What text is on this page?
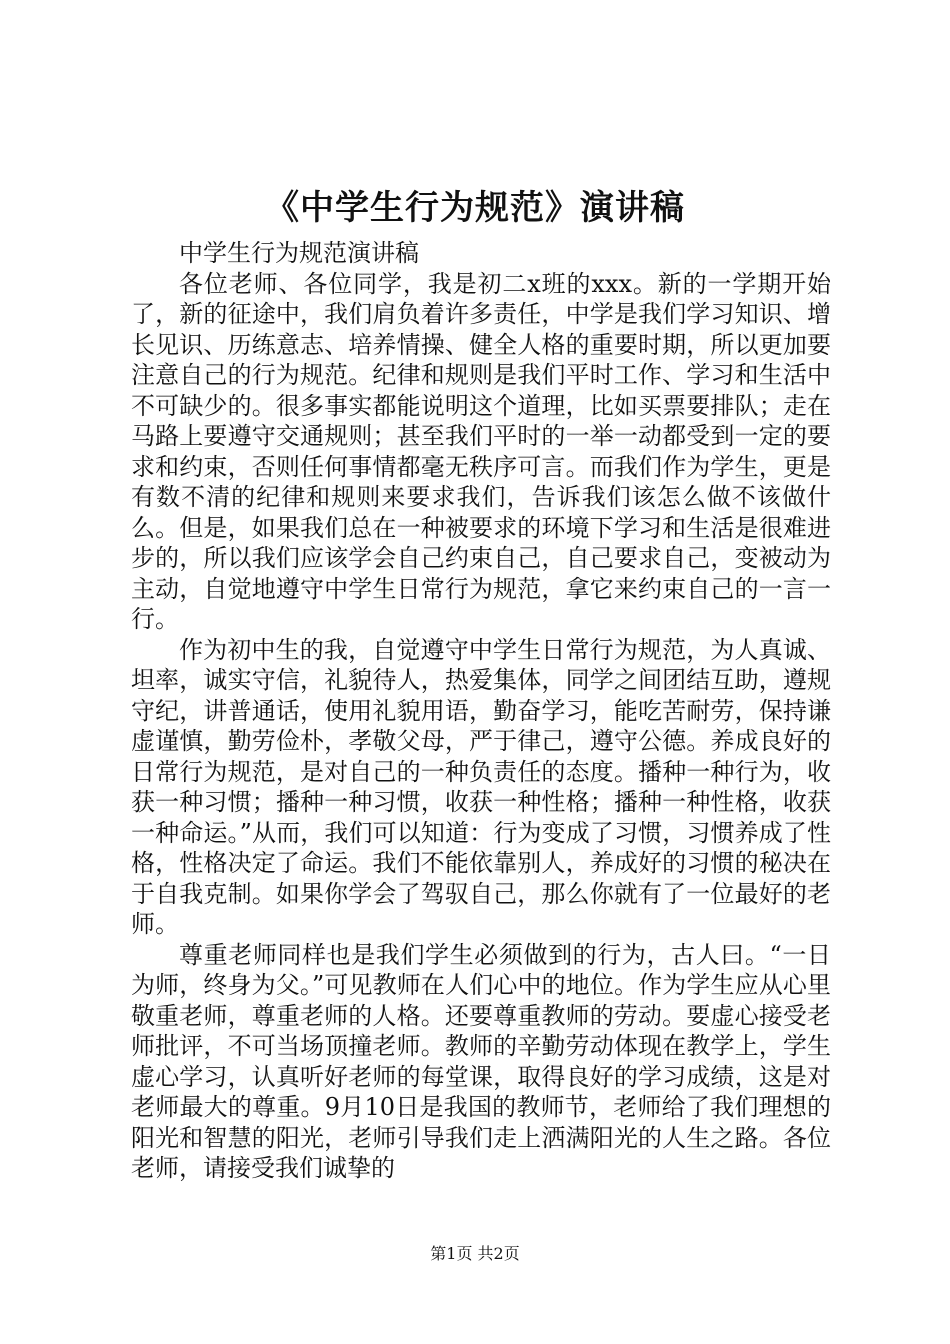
《中学生行为规范》演讲稿

中学生行为规范演讲稿

各位老师、各位同学，我是初二x班的xxx。新的一学期开始了，新的征途中，我们肩负着许多责任，中学是我们学习知识、增长见识、历练意志、培养情操、健全人格的重要时期，所以更加要注意自己的行为规范。纪律和规则是我们平时工作、学习和生活中不可缺少的。很多事实都能说明这个道理，比如买票要排队；走在马路上要遵守交通规则；甚至我们平时的一举一动都受到一定的要求和约束，否则任何事情都毫无秩序可言。而我们作为学生，更是有数不清的纪律和规则来要求我们，告诉我们该怎么做不该做什么。但是，如果我们总在一种被要求的环境下学习和生活是很难进步的，所以我们应该学会自己约束自己，自己要求自己，变被动为主动，自觉地遵守中学生日常行为规范，拿它来约束自己的一言一行。

作为初中生的我，自觉遵守中学生日常行为规范，为人真诚、坦率，诚实守信，礼貌待人，热爱集体，同学之间团结互助，遵规守纪，讲普通话，使用礼貌用语，勤奋学习，能吃苦耐劳，保持谦虚谨慎，勤劳俭朴，孝敬父母，严于律己，遵守公德。养成良好的日常行为规范，是对自己的一种负责任的态度。播种一种行为，收获一种习惯；播种一种习惯，收获一种性格；播种一种性格，收获一种命运。”从而，我们可以知道：行为变成了习惯，习惯养成了性格，性格决定了命运。我们不能依靠别人，养成好的习惯的秘决在于自我克制。如果你学会了驾驭自己，那么你就有了一位最好的老师。

尊重老师同样也是我们学生必须做到的行为，古人曰。“一日为师，终身为父。”可见教师在人们心中的地位。作为学生应从心里敬重老师，尊重老师的人格。还要尊重教师的劳动。要虚心接受老师批评，不可当场顶撞老师。教师的辛勤劳动体现在教学上，学生虚心学习，认真听好老师的每堂课，取得良好的学习成绩，这是对老师最大的尊重。9月10日是我国的教师节，老师给了我们理想的阳光和智慧的阳光，老师引导我们走上洒满阳光的人生之路。各位老师，请接受我们诚挚的

第1页 共2页
